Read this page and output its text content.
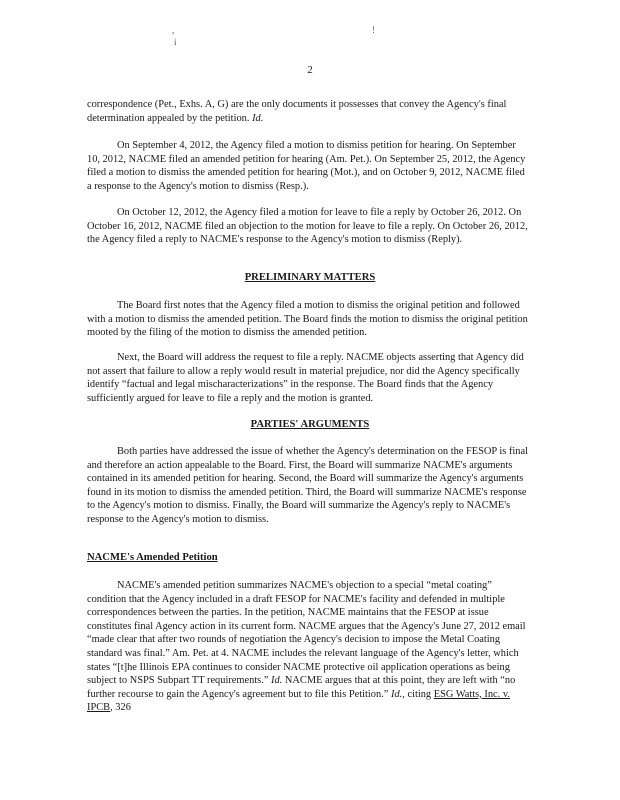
,	!
i
2

correspondence (Pet., Exhs. A, G) are the only documents it possesses that convey the Agency's final determination appealed by the petition. Id.

On September 4, 2012, the Agency filed a motion to dismiss petition for hearing. On September 10, 2012, NACME filed an amended petition for hearing (Am. Pet.). On September 25, 2012, the Agency filed a motion to dismiss the amended petition for hearing (Mot.), and on October 9, 2012, NACME filed a response to the Agency's motion to dismiss (Resp.).

On October 12, 2012, the Agency filed a motion for leave to file a reply by October 26, 2012. On October 16, 2012, NACME filed an objection to the motion for leave to file a reply. On October 26, 2012, the Agency filed a reply to NACME's response to the Agency's motion to dismiss (Reply).

PRELIMINARY MATTERS

The Board first notes that the Agency filed a motion to dismiss the original petition and followed with a motion to dismiss the amended petition. The Board finds the motion to dismiss the original petition mooted by the filing of the motion to dismiss the amended petition.

Next, the Board will address the request to file a reply. NACME objects asserting that Agency did not assert that failure to allow a reply would result in material prejudice, nor did the Agency specifically identify “factual and legal mischaracterizations” in the response. The Board finds that the Agency sufficiently argued for leave to file a reply and the motion is granted.

PARTIES' ARGUMENTS

Both parties have addressed the issue of whether the Agency's determination on the FESOP is final and therefore an action appealable to the Board. First, the Board will summarize NACME's arguments contained in its amended petition for hearing. Second, the Board will summarize the Agency's arguments found in its motion to dismiss the amended petition. Third, the Board will summarize NACME's response to the Agency's motion to dismiss. Finally, the Board will summarize the Agency's reply to NACME's response to the Agency's motion to dismiss.

NACME's Amended Petition

NACME's amended petition summarizes NACME's objection to a special “metal coating” condition that the Agency included in a draft FESOP for NACME's facility and defended in multiple correspondences between the parties. In the petition, NACME maintains that the FESOP at issue constitutes final Agency action in its current form. NACME argues that the Agency's June 27, 2012 email “made clear that after two rounds of negotiation the Agency's decision to impose the Metal Coating standard was final.” Am. Pet. at 4. NACME includes the relevant language of the Agency's letter, which states “[t]he Illinois EPA continues to consider NACME protective oil application operations as being subject to NSPS Subpart TT requirements.” Id. NACME argues that at this point, they are left with “no further recourse to gain the Agency's agreement but to file this Petition.” Id., citing ESG Watts, Inc. v. IPCB, 326
